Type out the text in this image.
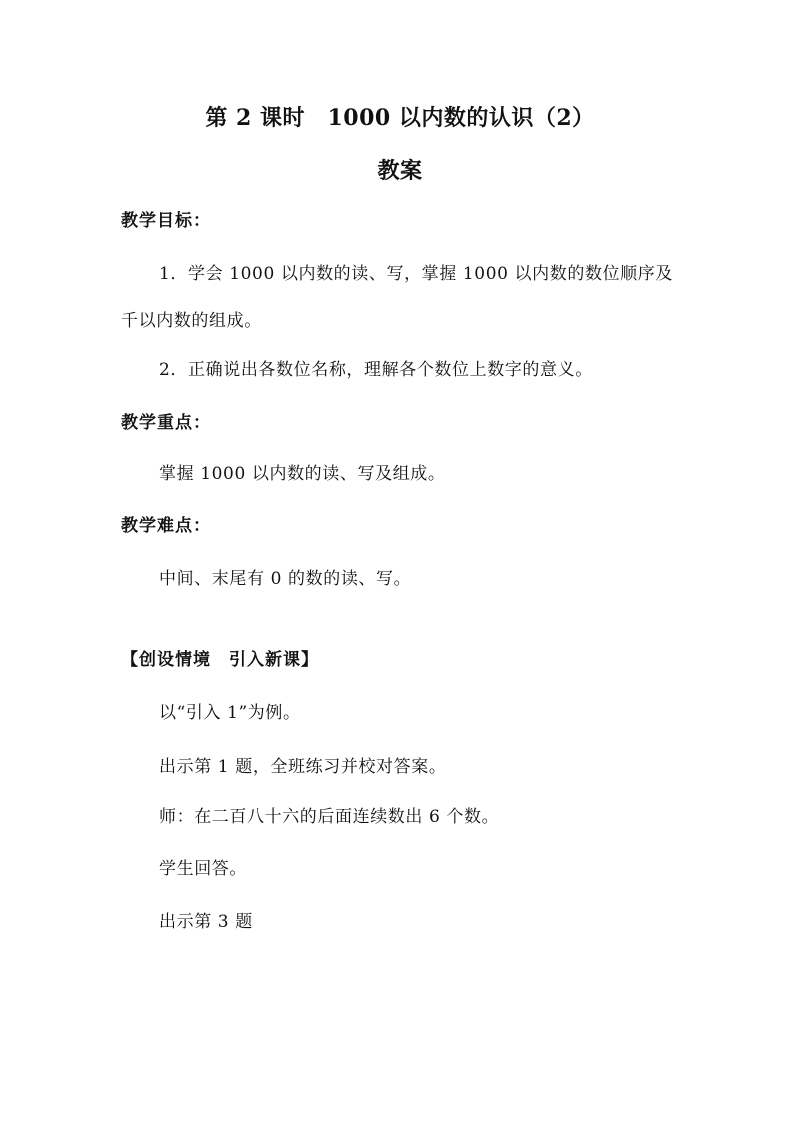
第 2 课时　1000 以内数的认识（2）
教案
教学目标：
1．学会 1000 以内数的读、写，掌握 1000 以内数的数位顺序及
千以内数的组成。
2．正确说出各数位名称，理解各个数位上数字的意义。
教学重点：
掌握 1000 以内数的读、写及组成。
教学难点：
中间、末尾有 0 的数的读、写。
【创设情境　引入新课】
以“引入 1”为例。
出示第 1 题，全班练习并校对答案。
师：在二百八十六的后面连续数出 6 个数。
学生回答。
出示第 3 题
